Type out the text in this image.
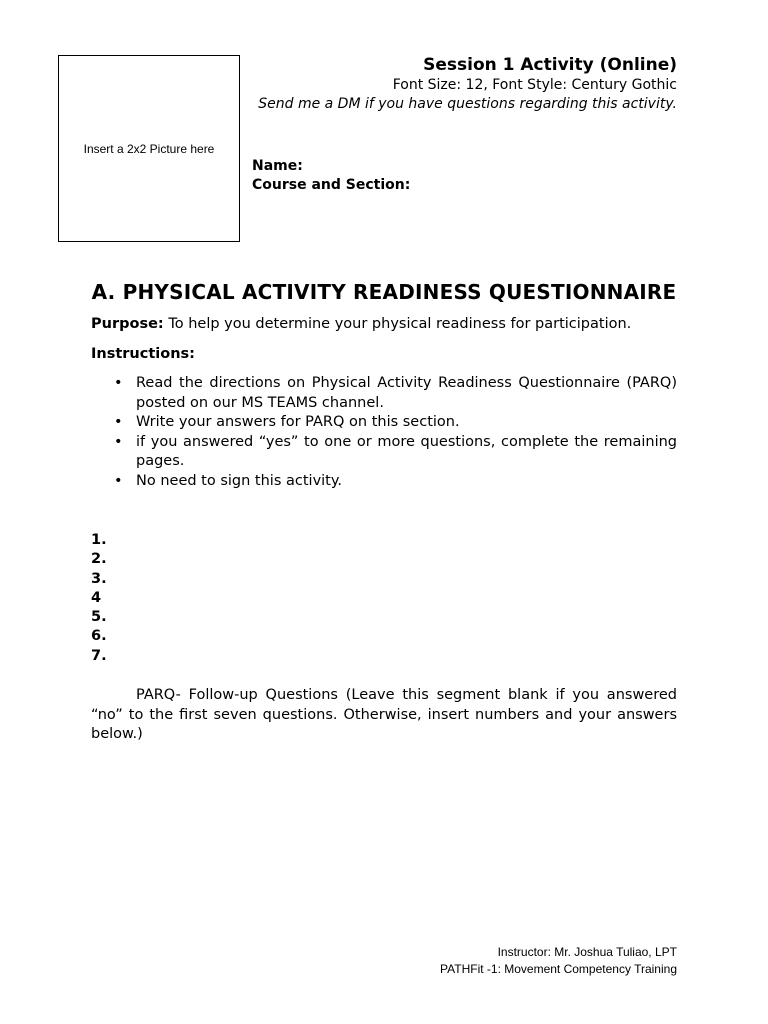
Insert a 2x2 Picture here
Session 1 Activity (Online)
Font Size: 12, Font Style: Century Gothic
Send me a DM if you have questions regarding this activity.
Name:
Course and Section:
A. PHYSICAL ACTIVITY READINESS QUESTIONNAIRE

Purpose: To help you determine your physical readiness for participation.

Instructions:

• Read the directions on Physical Activity Readiness Questionnaire (PARQ) posted on our MS TEAMS channel.
• Write your answers for PARQ on this section.
• if you answered “yes” to one or more questions, complete the remaining pages.
• No need to sign this activity.
1.
2.
3.
4
5.
6.
7.

PARQ- Follow-up Questions (Leave this segment blank if you answered “no” to the first seven questions. Otherwise, insert numbers and your answers below.)

Instructor: Mr. Joshua Tuliao, LPT
PATHFit -1: Movement Competency Training
